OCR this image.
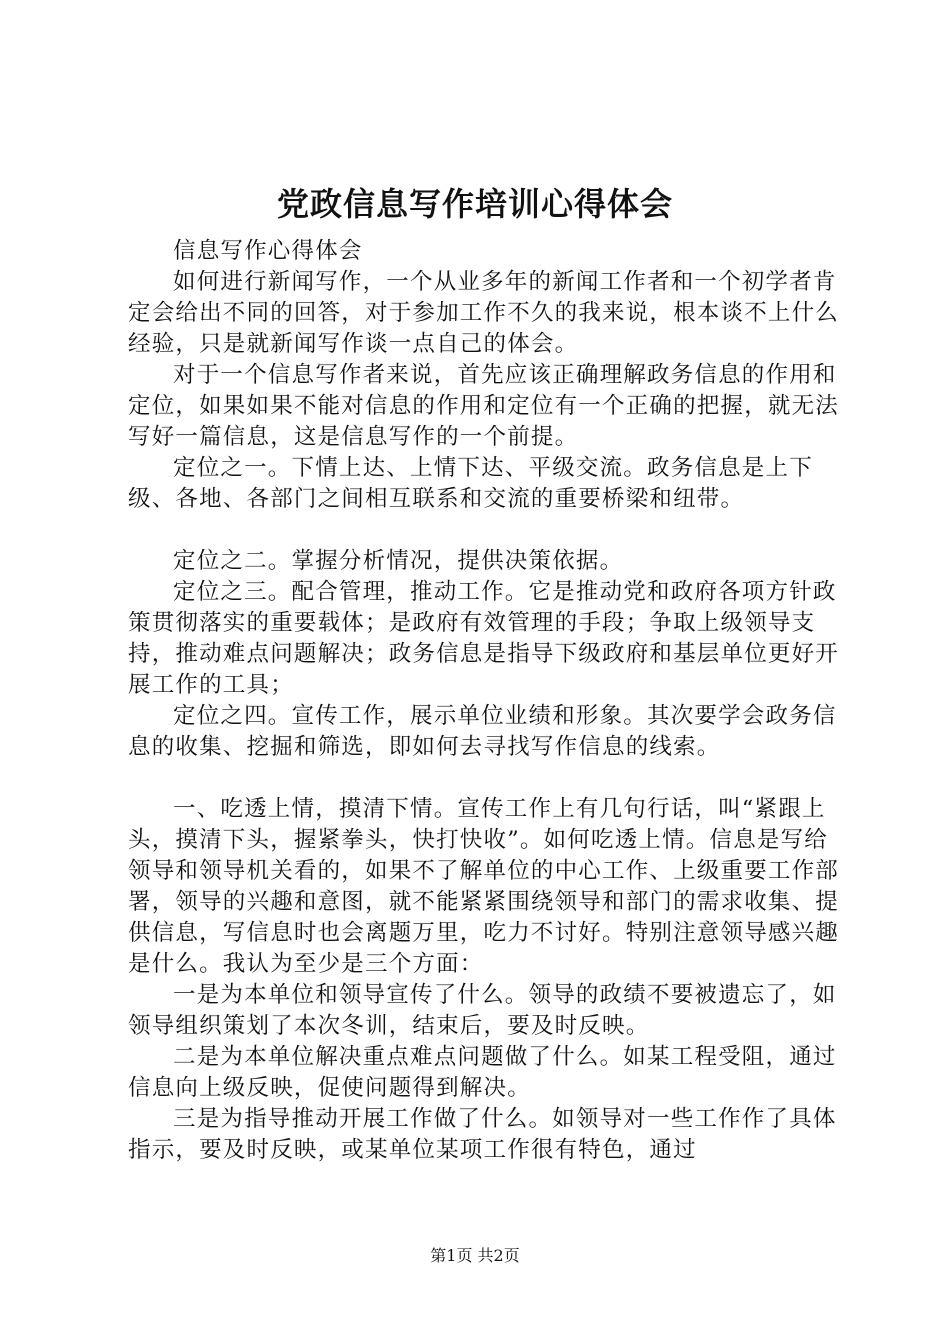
党政信息写作培训心得体会

信息写作心得体会

如何进行新闻写作，一个从业多年的新闻工作者和一个初学者肯定会给出不同的回答，对于参加工作不久的我来说，根本谈不上什么经验，只是就新闻写作谈一点自己的体会。

对于一个信息写作者来说，首先应该正确理解政务信息的作用和定位，如果如果不能对信息的作用和定位有一个正确的把握，就无法写好一篇信息，这是信息写作的一个前提。

定位之一。下情上达、上情下达、平级交流。政务信息是上下级、各地、各部门之间相互联系和交流的重要桥梁和纽带。

定位之二。掌握分析情况，提供决策依据。

定位之三。配合管理，推动工作。它是推动党和政府各项方针政策贯彻落实的重要载体；是政府有效管理的手段；争取上级领导支持，推动难点问题解决；政务信息是指导下级政府和基层单位更好开展工作的工具；

定位之四。宣传工作，展示单位业绩和形象。其次要学会政务信息的收集、挖掘和筛选，即如何去寻找写作信息的线索。

一、吃透上情，摸清下情。宣传工作上有几句行话，叫“紧跟上头，摸清下头，握紧拳头，快打快收”。如何吃透上情。信息是写给领导和领导机关看的，如果不了解单位的中心工作、上级重要工作部署，领导的兴趣和意图，就不能紧紧围绕领导和部门的需求收集、提供信息，写信息时也会离题万里，吃力不讨好。特别注意领导感兴趣是什么。我认为至少是三个方面：

一是为本单位和领导宣传了什么。领导的政绩不要被遗忘了，如领导组织策划了本次冬训，结束后，要及时反映。

二是为本单位解决重点难点问题做了什么。如某工程受阻，通过信息向上级反映，促使问题得到解决。

三是为指导推动开展工作做了什么。如领导对一些工作作了具体指示，要及时反映，或某单位某项工作很有特色，通过

第1页 共2页
